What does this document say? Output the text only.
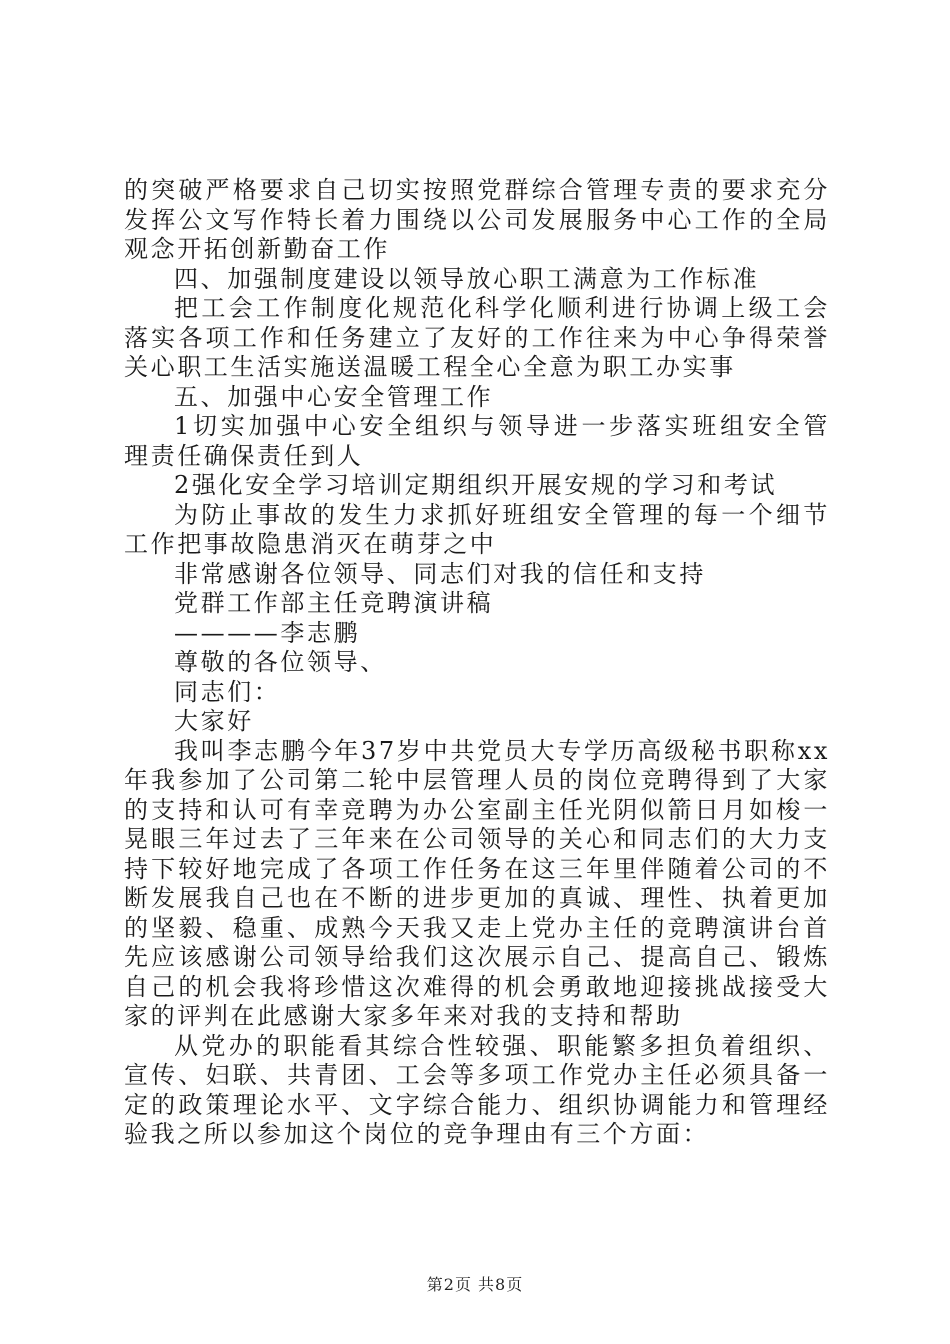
的突破严格要求自己切实按照党群综合管理专责的要求充分发挥公文写作特长着力围绕以公司发展服务中心工作的全局观念开拓创新勤奋工作

四、加强制度建设以领导放心职工满意为工作标准

把工会工作制度化规范化科学化顺利进行协调上级工会落实各项工作和任务建立了友好的工作往来为中心争得荣誉关心职工生活实施送温暖工程全心全意为职工办实事

五、加强中心安全管理工作

1切实加强中心安全组织与领导进一步落实班组安全管理责任确保责任到人

2强化安全学习培训定期组织开展安规的学习和考试

为防止事故的发生力求抓好班组安全管理的每一个细节工作把事故隐患消灭在萌芽之中

非常感谢各位领导、同志们对我的信任和支持

党群工作部主任竞聘演讲稿

————李志鹏

尊敬的各位领导、

同志们：

大家好

我叫李志鹏今年37岁中共党员大专学历高级秘书职称xx年我参加了公司第二轮中层管理人员的岗位竞聘得到了大家的支持和认可有幸竞聘为办公室副主任光阴似箭日月如梭一晃眼三年过去了三年来在公司领导的关心和同志们的大力支持下较好地完成了各项工作任务在这三年里伴随着公司的不断发展我自己也在不断的进步更加的真诚、理性、执着更加的坚毅、稳重、成熟今天我又走上党办主任的竞聘演讲台首先应该感谢公司领导给我们这次展示自己、提高自己、锻炼自己的机会我将珍惜这次难得的机会勇敢地迎接挑战接受大家的评判在此感谢大家多年来对我的支持和帮助

从党办的职能看其综合性较强、职能繁多担负着组织、宣传、妇联、共青团、工会等多项工作党办主任必须具备一定的政策理论水平、文字综合能力、组织协调能力和管理经验我之所以参加这个岗位的竞争理由有三个方面：

第2页 共8页
